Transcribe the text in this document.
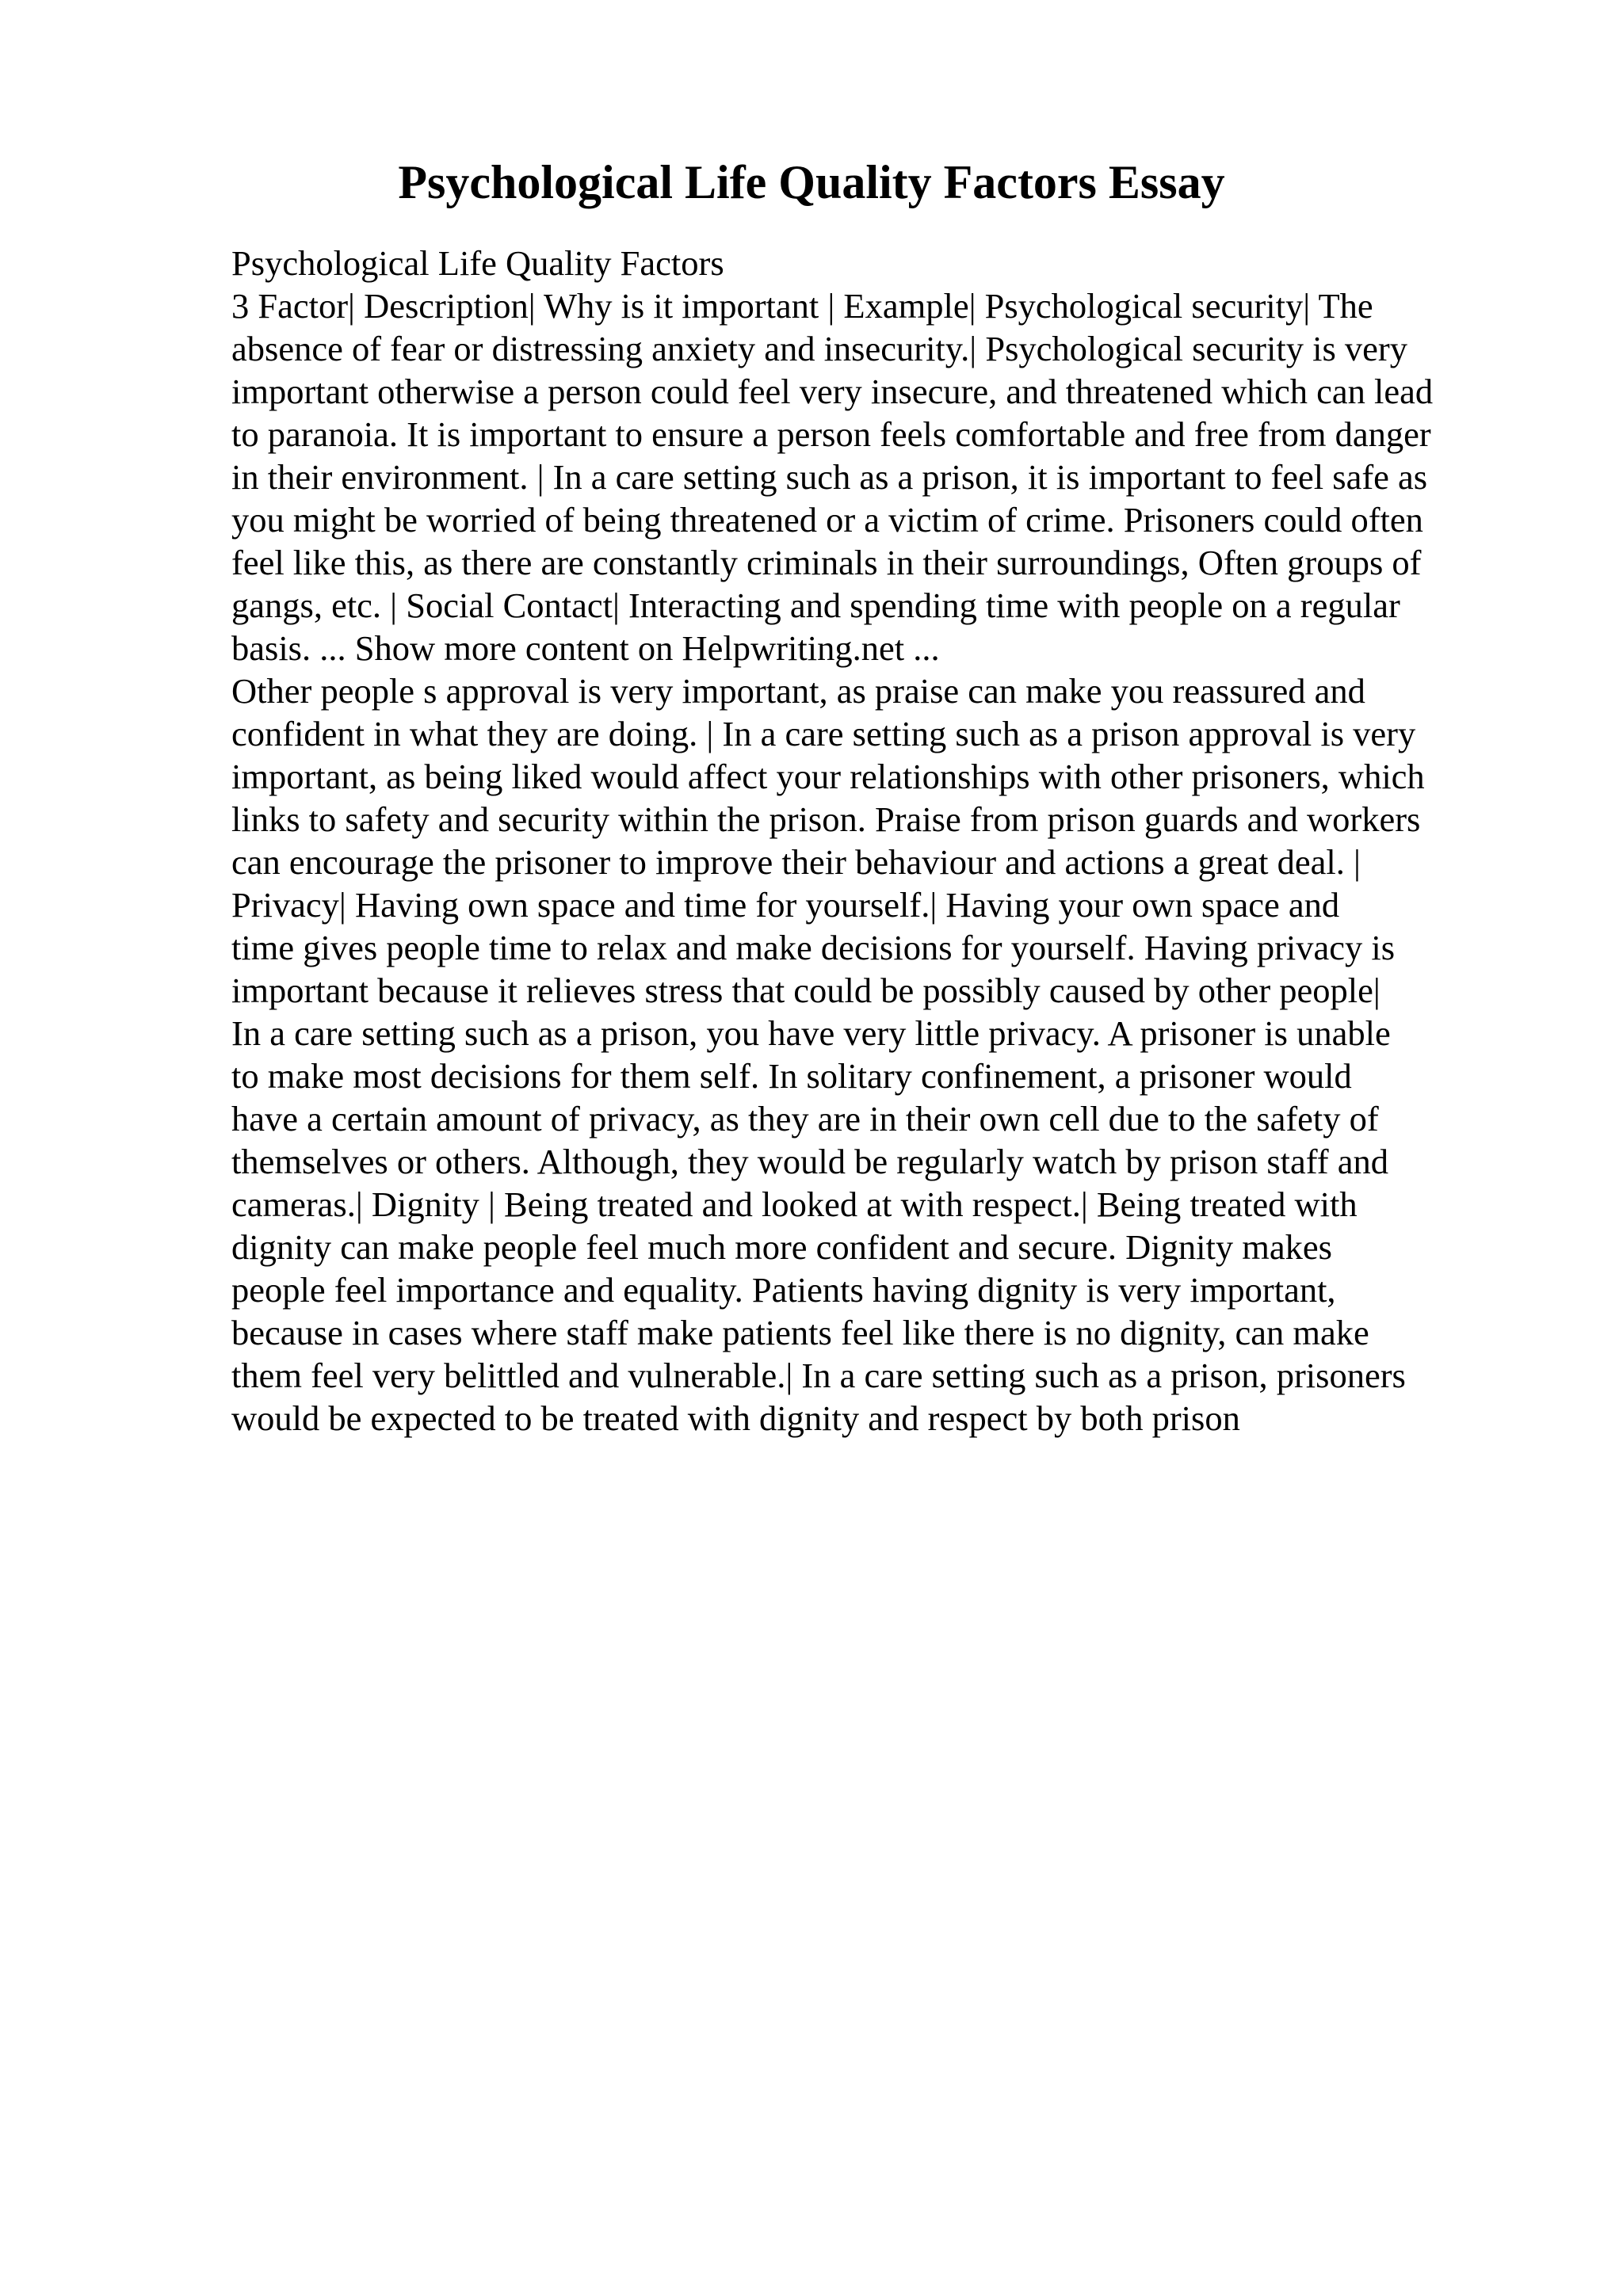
Psychological Life Quality Factors Essay
Psychological Life Quality Factors
3 Factor| Description| Why is it important | Example| Psychological security| The
absence of fear or distressing anxiety and insecurity.| Psychological security is very
important otherwise a person could feel very insecure, and threatened which can lead
to paranoia. It is important to ensure a person feels comfortable and free from danger
in their environment. | In a care setting such as a prison, it is important to feel safe as
you might be worried of being threatened or a victim of crime. Prisoners could often
feel like this, as there are constantly criminals in their surroundings, Often groups of
gangs, etc. | Social Contact| Interacting and spending time with people on a regular
basis. ... Show more content on Helpwriting.net ...
Other people s approval is very important, as praise can make you reassured and
confident in what they are doing. | In a care setting such as a prison approval is very
important, as being liked would affect your relationships with other prisoners, which
links to safety and security within the prison. Praise from prison guards and workers
can encourage the prisoner to improve their behaviour and actions a great deal. |
Privacy| Having own space and time for yourself.| Having your own space and
time gives people time to relax and make decisions for yourself. Having privacy is
important because it relieves stress that could be possibly caused by other people|
In a care setting such as a prison, you have very little privacy. A prisoner is unable
to make most decisions for them self. In solitary confinement, a prisoner would
have a certain amount of privacy, as they are in their own cell due to the safety of
themselves or others. Although, they would be regularly watch by prison staff and
cameras.| Dignity | Being treated and looked at with respect.| Being treated with
dignity can make people feel much more confident and secure. Dignity makes
people feel importance and equality. Patients having dignity is very important,
because in cases where staff make patients feel like there is no dignity, can make
them feel very belittled and vulnerable.| In a care setting such as a prison, prisoners
would be expected to be treated with dignity and respect by both prison
